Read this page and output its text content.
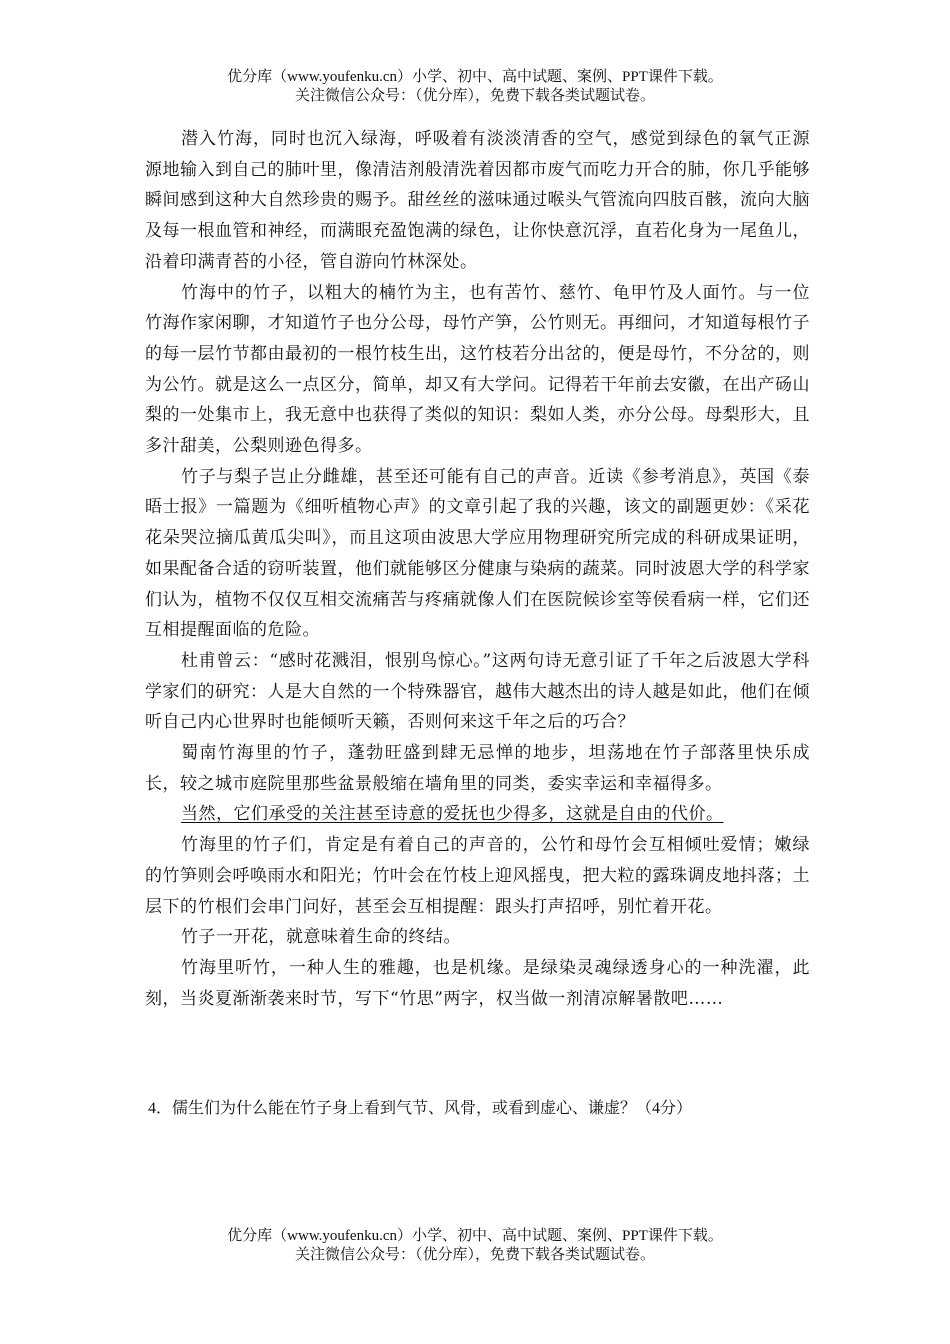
优分库（www.youfenku.cn）小学、初中、高中试题、案例、PPT课件下载。
关注微信公众号：（优分库），免费下载各类试题试卷。

潜入竹海，同时也沉入绿海，呼吸着有淡淡清香的空气，感觉到绿色的氧气正源源地输入到自己的肺叶里，像清洁剂般清洗着因都市废气而吃力开合的肺，你几乎能够瞬间感到这种大自然珍贵的赐予。甜丝丝的滋味通过喉头气管流向四肢百骸，流向大脑及每一根血管和神经，而满眼充盈饱满的绿色，让你快意沉浮，直若化身为一尾鱼儿，沿着印满青苔的小径，管自游向竹林深处。

竹海中的竹子，以粗大的楠竹为主，也有苦竹、慈竹、龟甲竹及人面竹。与一位竹海作家闲聊，才知道竹子也分公母，母竹产笋，公竹则无。再细问，才知道每根竹子的每一层竹节都由最初的一根竹枝生出，这竹枝若分出岔的，便是母竹，不分岔的，则为公竹。就是这么一点区分，简单，却又有大学问。记得若干年前去安徽，在出产砀山梨的一处集市上，我无意中也获得了类似的知识：梨如人类，亦分公母。母梨形大，且多汁甜美，公梨则逊色得多。

竹子与梨子岂止分雌雄，甚至还可能有自己的声音。近读《参考消息》，英国《泰晤士报》一篇题为《细听植物心声》的文章引起了我的兴趣，该文的副题更妙：《采花花朵哭泣摘瓜黄瓜尖叫》，而且这项由波思大学应用物理研究所完成的科研成果证明，如果配备合适的窃听装置，他们就能够区分健康与染病的蔬菜。同时波恩大学的科学家们认为，植物不仅仅互相交流痛苦与疼痛就像人们在医院候诊室等侯看病一样，它们还互相提醒面临的危险。

杜甫曾云：“感时花溅泪，恨别鸟惊心。”这两句诗无意引证了千年之后波恩大学科学家们的研究：人是大自然的一个特殊器官，越伟大越杰出的诗人越是如此，他们在倾听自己内心世界时也能倾听天籁，否则何来这千年之后的巧合？

蜀南竹海里的竹子，蓬勃旺盛到肆无忌惮的地步，坦荡地在竹子部落里快乐成长，较之城市庭院里那些盆景般缩在墙角里的同类，委实幸运和幸福得多。

当然，它们承受的关注甚至诗意的爱抚也少得多，这就是自由的代价。

竹海里的竹子们，肯定是有着自己的声音的，公竹和母竹会互相倾吐爱情；嫩绿的竹笋则会呼唤雨水和阳光；竹叶会在竹枝上迎风摇曳，把大粒的露珠调皮地抖落；土层下的竹根们会串门问好，甚至会互相提醒：跟头打声招呼，别忙着开花。

竹子一开花，就意味着生命的终结。

竹海里听竹，一种人生的雅趣，也是机缘。是绿染灵魂绿透身心的一种洗濯，此刻，当炎夏渐渐袭来时节，写下“竹思”两字，权当做一剂清凉解暑散吧……

4．儒生们为什么能在竹子身上看到气节、风骨，或看到虚心、谦虚？（4分）
优分库（www.youfenku.cn）小学、初中、高中试题、案例、PPT课件下载。
关注微信公众号：（优分库），免费下载各类试题试卷。
